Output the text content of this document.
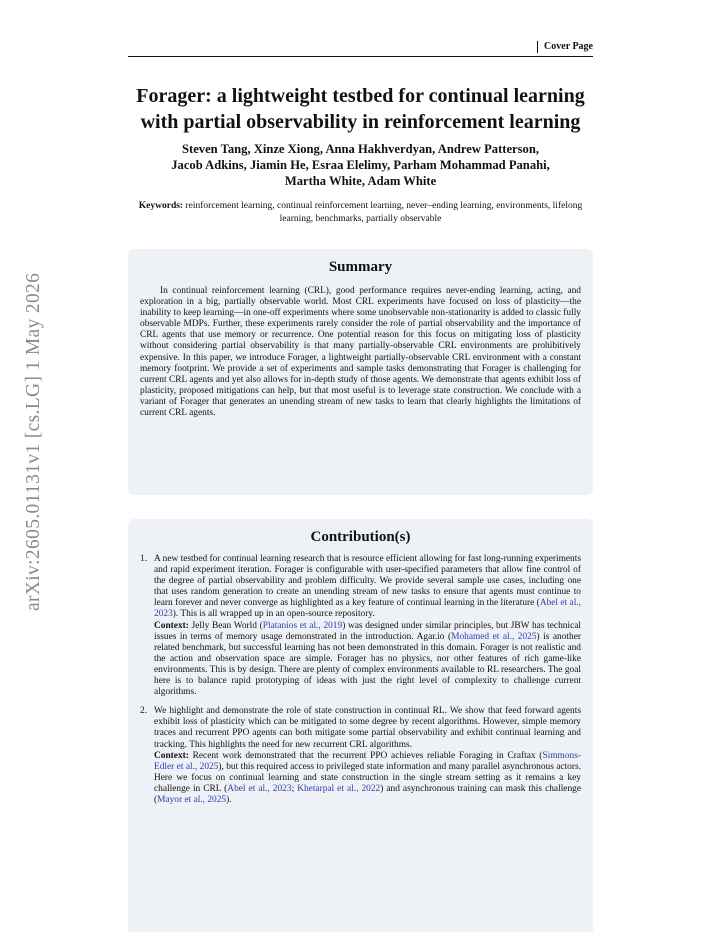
arXiv:2605.01131v1 [cs.LG] 1 May 2026
Cover Page
Forager: a lightweight testbed for continual learning with partial observability in reinforcement learning
Steven Tang, Xinze Xiong, Anna Hakhverdyan, Andrew Patterson,
Jacob Adkins, Jiamin He, Esraa Elelimy, Parham Mohammad Panahi,
Martha White, Adam White
Keywords: reinforcement learning, continual reinforcement learning, never–ending learning, environments, lifelong learning, benchmarks, partially observable
Summary

In continual reinforcement learning (CRL), good performance requires never-ending learning, acting, and exploration in a big, partially observable world. Most CRL experiments have focused on loss of plasticity—the inability to keep learning—in one-off experiments where some unobservable non-stationarity is added to classic fully observable MDPs. Further, these experiments rarely consider the role of partial observability and the importance of CRL agents that use memory or recurrence. One potential reason for this focus on mitigating loss of plasticity without considering partial observability is that many partially-observable CRL environments are prohibitively expensive. In this paper, we introduce Forager, a lightweight partially-observable CRL environment with a constant memory footprint. We provide a set of experiments and sample tasks demonstrating that Forager is challenging for current CRL agents and yet also allows for in-depth study of those agents. We demonstrate that agents exhibit loss of plasticity, proposed mitigations can help, but that most useful is to leverage state construction. We conclude with a variant of Forager that generates an unending stream of new tasks to learn that clearly highlights the limitations of current CRL agents.

Contribution(s)
1. A new testbed for continual learning research that is resource efficient allowing for fast long-running experiments and rapid experiment iteration. Forager is configurable with user-specified parameters that allow fine control of the degree of partial observability and problem difficulty. We provide several sample use cases, including one that uses random generation to create an unending stream of new tasks to ensure that agents must continue to learn forever and never converge as highlighted as a key feature of continual learning in the literature (Abel et al., 2023). This is all wrapped up in an open-source repository.

Context: Jelly Bean World (Platanios et al., 2019) was designed under similar principles, but JBW has technical issues in terms of memory usage demonstrated in the introduction. Agar.io (Mohamed et al., 2025) is another related benchmark, but successful learning has not been demonstrated in this domain. Forager is not realistic and the action and observation space are simple. Forager has no physics, nor other features of rich game-like environments. This is by design. There are plenty of complex environments available to RL researchers. The goal here is to balance rapid prototyping of ideas with just the right level of complexity to challenge current algorithms.

2. We highlight and demonstrate the role of state construction in continual RL. We show that feed forward agents exhibit loss of plasticity which can be mitigated to some degree by recent algorithms. However, simple memory traces and recurrent PPO agents can both mitigate some partial observability and exhibit continual learning and tracking. This highlights the need for new recurrent CRL algorithms.

Context: Recent work demonstrated that the recurrent PPO achieves reliable Foraging in Craftax (Simmons-Edler et al., 2025), but this required access to privileged state information and many parallel asynchronous actors. Here we focus on continual learning and state construction in the single stream setting as it remains a key challenge in CRL (Abel et al., 2023; Khetarpal et al., 2022) and asynchronous training can mask this challenge (Mayor et al., 2025).
